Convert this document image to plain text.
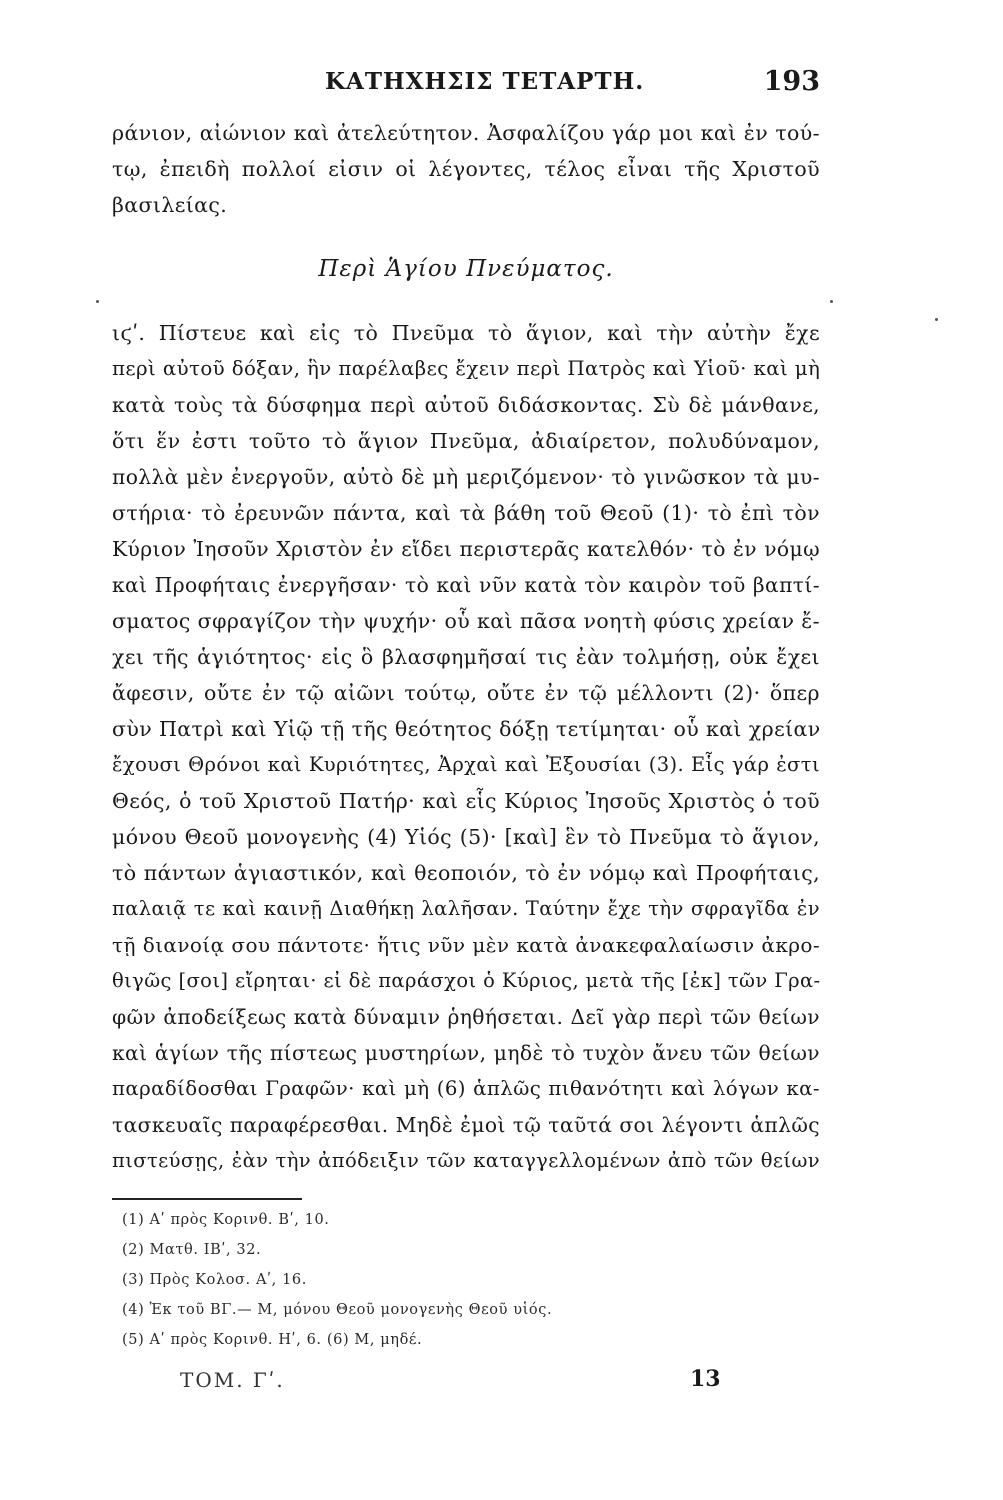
ΚΑΤΗΧΗΣΙΣ ΤΕΤΑΡΤΗ.	193
ράνιον, αἰώνιον καὶ ἀτελεύτητον. Ἀσφαλίζου γάρ μοι καὶ ἐν τού-
τῳ, ἐπειδὴ πολλοί εἰσιν οἱ λέγοντες, τέλος εἶναι τῆς Χριστοῦ
βασιλείας.
Περὶ Ἁγίου Πνεύματος.
ιϛʹ. Πίστευε καὶ εἰς τὸ Πνεῦμα τὸ ἅγιον, καὶ τὴν αὐτὴν ἔχε
περὶ αὐτοῦ δόξαν, ἣν παρέλαβες ἔχειν περὶ Πατρὸς καὶ Υἱοῦ· καὶ μὴ
κατὰ τοὺς τὰ δύσφημα περὶ αὐτοῦ διδάσκοντας. Σὺ δὲ μάνθανε,
ὅτι ἕν ἐστι τοῦτο τὸ ἅγιον Πνεῦμα, ἀδιαίρετον, πολυδύναμον,
πολλὰ μὲν ἐνεργοῦν, αὐτὸ δὲ μὴ μεριζόμενον· τὸ γινῶσκον τὰ μυ-
στήρια· τὸ ἐρευνῶν πάντα, καὶ τὰ βάθη τοῦ Θεοῦ (1)· τὸ ἐπὶ τὸν
Κύριον Ἰησοῦν Χριστὸν ἐν εἴδει περιστερᾶς κατελθόν· τὸ ἐν νόμῳ
καὶ Προφήταις ἐνεργῆσαν· τὸ καὶ νῦν κατὰ τὸν καιρὸν τοῦ βαπτί-
σματος σφραγίζον τὴν ψυχήν· οὗ καὶ πᾶσα νοητὴ φύσις χρείαν ἔ-
χει τῆς ἁγιότητος· εἰς ὃ βλασφημῆσαί τις ἐὰν τολμήσῃ, οὐκ ἔχει
ἄφεσιν, οὔτε ἐν τῷ αἰῶνι τούτῳ, οὔτε ἐν τῷ μέλλοντι (2)· ὅπερ
σὺν Πατρὶ καὶ Υἱῷ τῇ τῆς θεότητος δόξῃ τετίμηται· οὗ καὶ χρείαν
ἔχουσι Θρόνοι καὶ Κυριότητες, Ἀρχαὶ καὶ Ἐξουσίαι (3). Εἷς γάρ ἐστι
Θεός, ὁ τοῦ Χριστοῦ Πατήρ· καὶ εἷς Κύριος Ἰησοῦς Χριστὸς ὁ τοῦ
μόνου Θεοῦ μονογενὴς (4) Υἱός (5)· [καὶ] ἓν τὸ Πνεῦμα τὸ ἅγιον,
τὸ πάντων ἁγιαστικόν, καὶ θεοποιόν, τὸ ἐν νόμῳ καὶ Προφήταις,
παλαιᾷ τε καὶ καινῇ Διαθήκῃ λαλῆσαν. Ταύτην ἔχε τὴν σφραγῖδα ἐν
τῇ διανοίᾳ σου πάντοτε· ἥτις νῦν μὲν κατὰ ἀνακεφαλαίωσιν ἀκρο-
θιγῶς [σοι] εἴρηται· εἰ δὲ παράσχοι ὁ Κύριος, μετὰ τῆς [ἐκ] τῶν Γρα-
φῶν ἀποδείξεως κατὰ δύναμιν ῥηθήσεται. Δεῖ γὰρ περὶ τῶν θείων
καὶ ἁγίων τῆς πίστεως μυστηρίων, μηδὲ τὸ τυχὸν ἄνευ τῶν θείων
παραδίδοσθαι Γραφῶν· καὶ μὴ (6) ἁπλῶς πιθανότητι καὶ λόγων κα-
τασκευαῖς παραφέρεσθαι. Μηδὲ ἐμοὶ τῷ ταῦτά σοι λέγοντι ἁπλῶς
πιστεύσῃς, ἐὰν τὴν ἀπόδειξιν τῶν καταγγελλομένων ἀπὸ τῶν θείων
(1) Αʹ πρὸς Κορινθ. Βʹ, 10.
(2) Ματθ. ΙΒʹ, 32.
(3) Πρὸς Κολοσ. Αʹ, 16.
(4) Ἐκ τοῦ ΒΓ.— Μ, μόνου Θεοῦ μονογενὴς Θεοῦ υἱός.
(5) Αʹ πρὸς Κορινθ. Ηʹ, 6. (6) Μ, μηδέ.
ΤΟΜ. Γʹ.	13
